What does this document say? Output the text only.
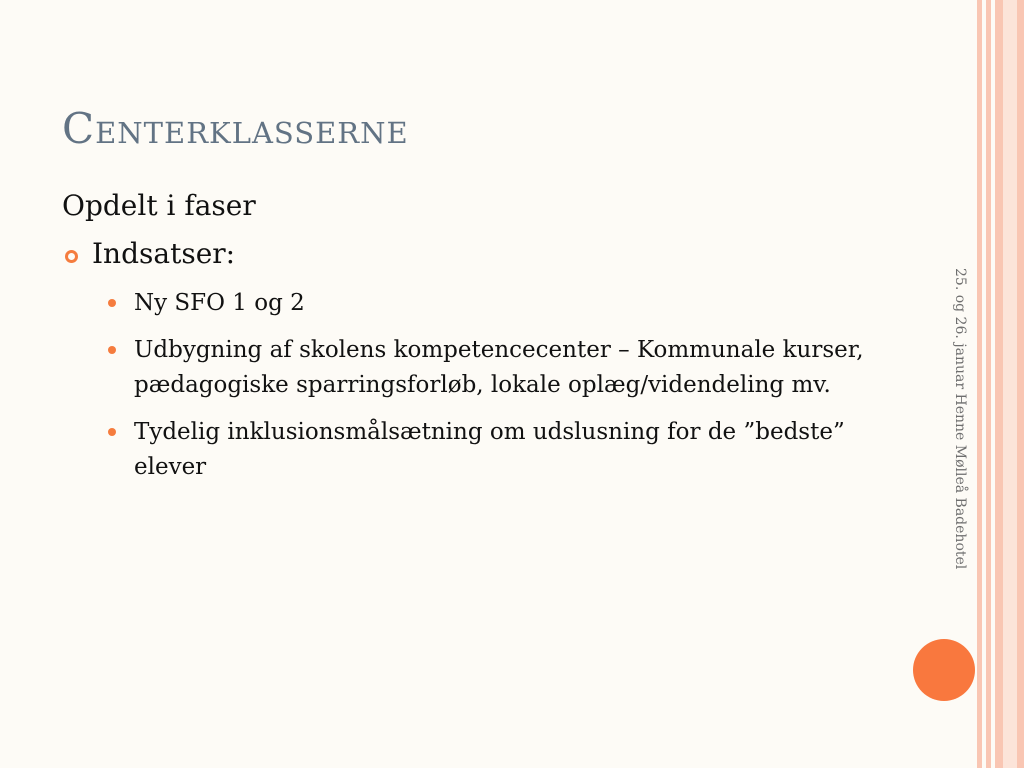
Centerklasserne
Opdelt i faser
Indsatser:
Ny SFO 1 og 2
Udbygning af skolens kompetencecenter – Kommunale kurser, pædagogiske sparringsforløb, lokale oplæg/videndeling mv.
Tydelig inklusionsmålsætning om udslusning for de ”bedste” elever	25. og 26. januar Henne Mølleå Badehotel
